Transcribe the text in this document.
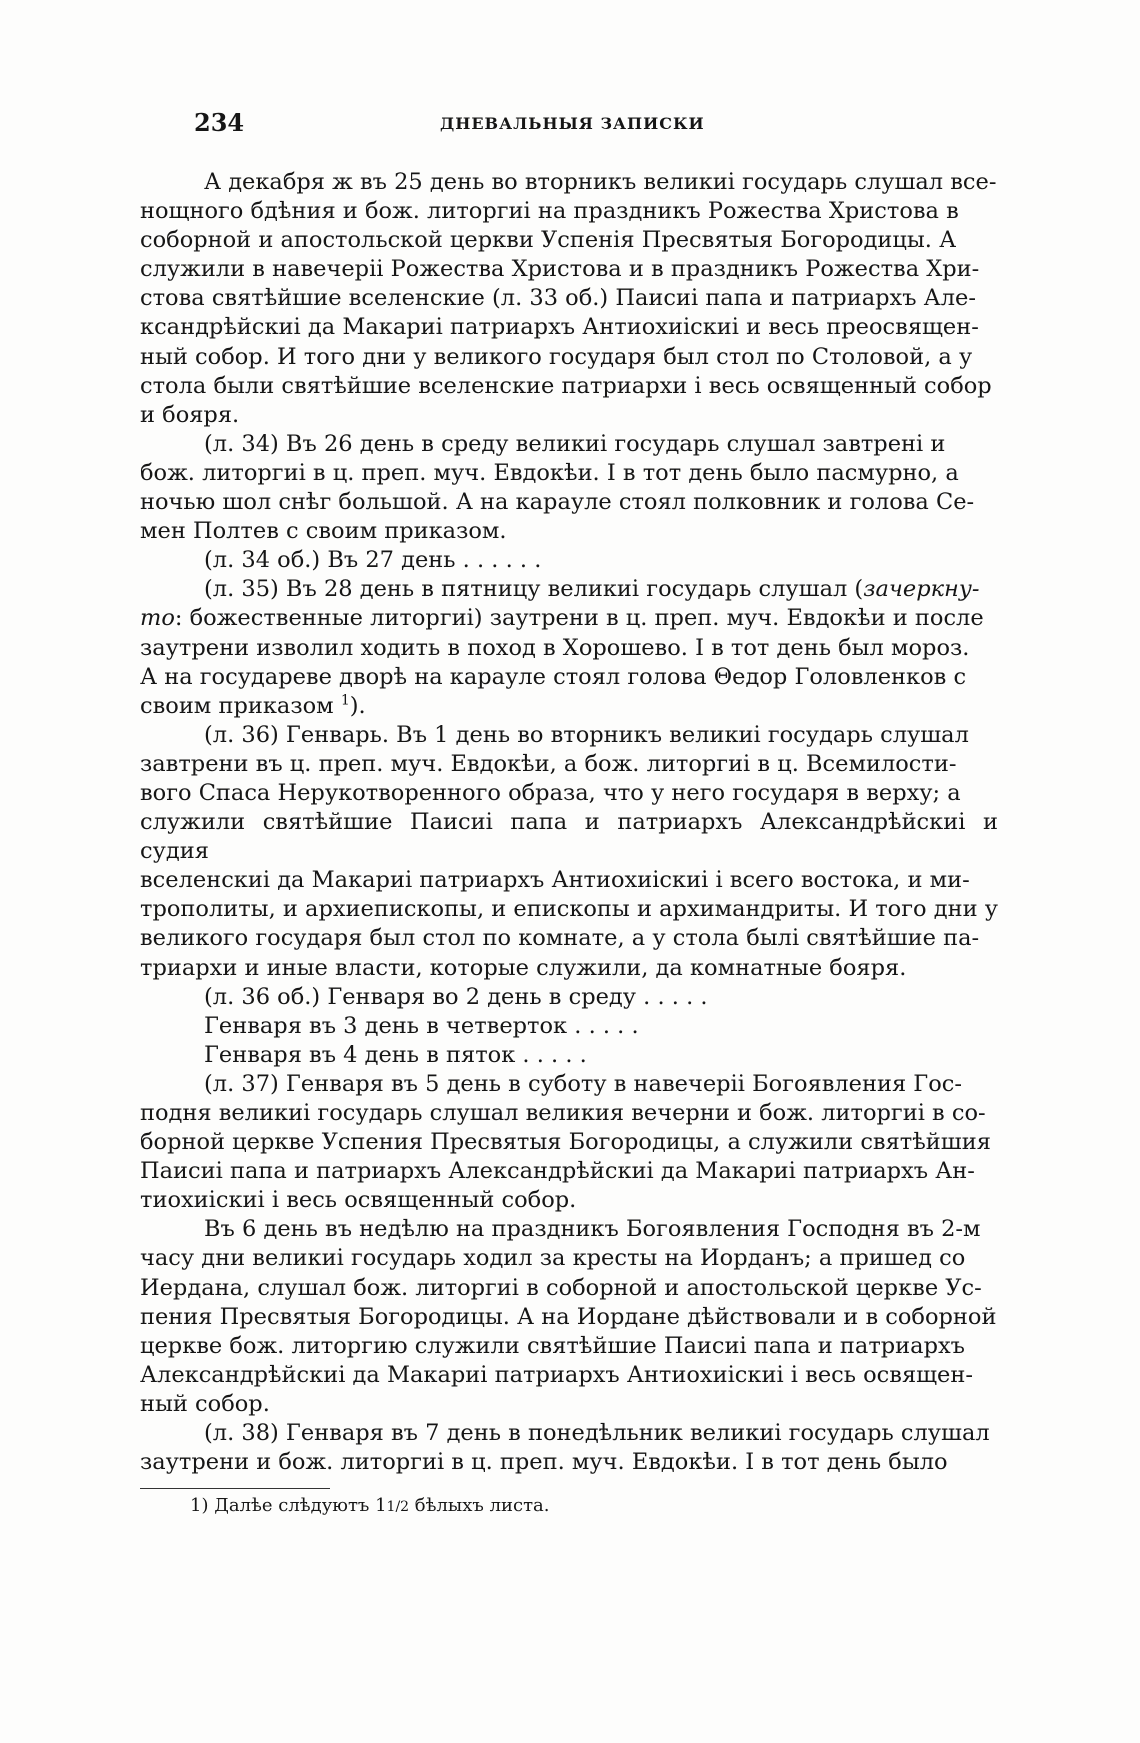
234	ДНЕВАЛЬНЫЯ ЗАПИСКИ

А декабря ж въ 25 день во вторникъ великиі государь слушал все-
нощного бдѣния и бож. литоргиі на праздникъ Рожества Христова в
соборной и апостольской церкви Успенія Пресвятыя Богородицы. А
служили в навечеріі Рожества Христова и в праздникъ Рожества Хри-
стова святѣйшие вселенские (л. 33 об.) Паисиі папа и патриархъ Але-
ксандрѣйскиі да Макариі патриархъ Антиохиіскиі и весь преосвящен-
ный собор. И того дни у великого государя был стол по Столовой, а у
стола были святѣйшие вселенские патриархи і весь освященный собор
и бояря.

(л. 34) Въ 26 день в среду великиі государь слушал завтрені и
бож. литоргиі в ц. преп. муч. Евдокѣи. І в тот день было пасмурно, а
ночью шол снѣг большой. А на карауле стоял полковник и голова Се-
мен Полтев с своим приказом.

(л. 34 об.) Въ 27 день . . . . . .

(л. 35) Въ 28 день в пятницу великиі государь слушал (зачеркну-
то: божественные литоргиі) заутрени в ц. преп. муч. Евдокѣи и после
заутрени изволил ходить в поход в Хорошево. І в тот день был мороз.
А на государеве дворѣ на карауле стоял голова Θедор Головленков с
своим приказом $^1$).

(л. 36) Генварь. Въ 1 день во вторникъ великиі государь слушал
завтрени въ ц. преп. муч. Евдокѣи, а бож. литоргиі в ц. Всемилости-
вого Спаса Нерукотворенного образа, что у него государя в верху; а
служили святѣйшие Паисиі папа и патриархъ Александрѣйскиі и судия
вселенскиі да Макариі патриархъ Антиохиіскиі і всего востока, и ми-
трополиты, и архиепископы, и епископы и архимандриты. И того дни у
великого государя был стол по комнате, а у стола былі святѣйшие па-
триархи и иные власти, которые служили, да комнатные бояря.

(л. 36 об.) Генваря во 2 день в среду . . . . .

Генваря въ 3 день в четверток . . . . .

Генваря въ 4 день в пяток . . . . .

(л. 37) Генваря въ 5 день в суботу в навечеріі Богоявления Гос-
подня великиі государь слушал великия вечерни и бож. литоргиі в со-
борной церкве Успения Пресвятыя Богородицы, а служили святѣйшия
Паисиі папа и патриархъ Александрѣйскиі да Макариі патриархъ Ан-
тиохиіскиі і весь освященный собор.

Въ 6 день въ недѣлю на праздникъ Богоявления Господня въ 2-м
часу дни великиі государь ходил за кресты на Иорданъ; а пришед со
Иердана, слушал бож. литоргиі в соборной и апостольской церкве Ус-
пения Пресвятыя Богородицы. А на Иордане дѣйствовали и в соборной
церкве бож. литоргию служили святѣйшие Паисиі папа и патриархъ
Александрѣйскиі да Макариі патриархъ Антиохиіскиі і весь освящен-
ный собор.

(л. 38) Генваря въ 7 день в понедѣльник великиі государь слушал
заутрени и бож. литоргиі в ц. преп. муч. Евдокѣи. І в тот день было

1) Далѣе слѣдуютъ 11/2 бѣлыхъ листа.
